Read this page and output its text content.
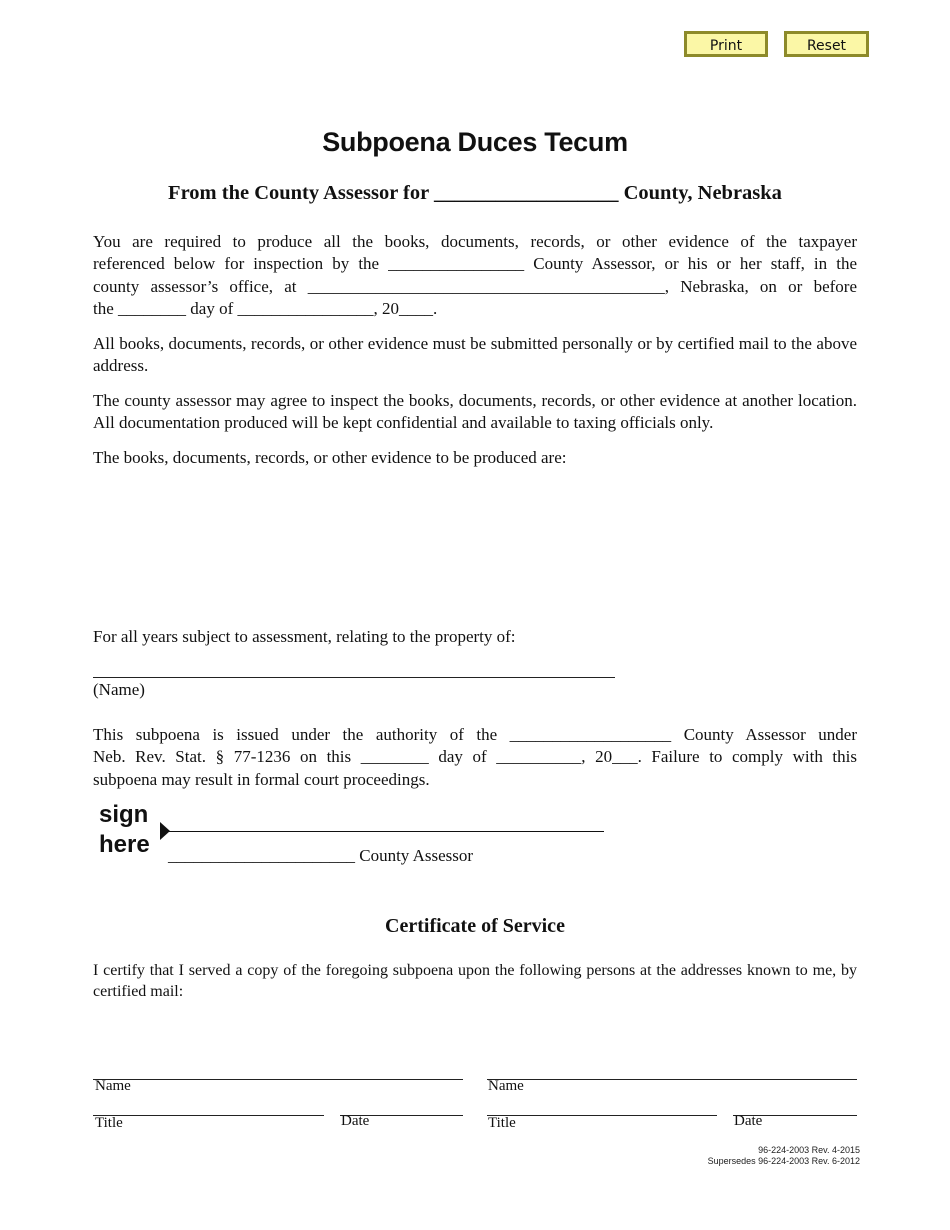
Print	Reset
Subpoena Duces Tecum
From the County Assessor for __________________ County, Nebraska
You are required to produce all the books, documents, records, or other evidence of the taxpayer
referenced below for inspection by the ________________ County Assessor, or his or her staff, in the
county assessor’s office, at __________________________________________, Nebraska, on or before
the ________ day of ________________, 20____.

All books, documents, records, or other evidence must be submitted personally or by certified mail to the above address.

The county assessor may agree to inspect the books, documents, records, or other evidence at another location. All documentation produced will be kept confidential and available to taxing officials only.

The books, documents, records, or other evidence to be produced are:

For all years subject to assessment, relating to the property of:

(Name)
This subpoena is issued under the authority of the ___________________ County Assessor under
Neb. Rev. Stat. § 77-1236 on this ________ day of __________, 20___. Failure to comply with this
subpoena may result in formal court proceedings.
sign
here ______________________ County Assessor
Certificate of Service

I certify that I served a copy of the foregoing subpoena upon the following persons at the addresses known to me, by certified mail:

Name
Title	Date
Name
Title	Date
96-224-2003 Rev. 4-2015
Supersedes 96-224-2003 Rev. 6-2012
